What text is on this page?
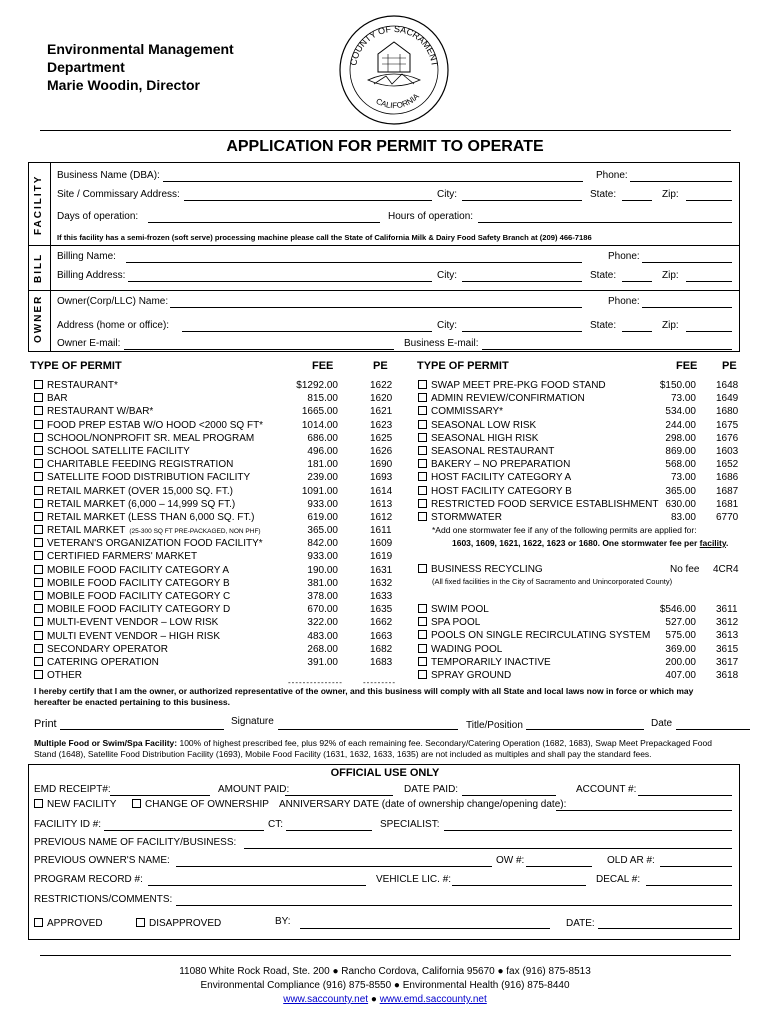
Environmental Management
Department
Marie Woodin, Director
COUNTY OF SACRAMENT
CALIFORNIA
APPLICATION FOR PERMIT TO OPERATE
FACILITY
BILL
OWNER
Business Name (DBA):	Phone:
Site / Commissary Address:	City:	State:	Zip:
Days of operation:	Hours of operation:
If this facility has a semi-frozen (soft serve) processing machine please call the State of California Milk & Dairy Food Safety Branch at (209) 466-7186
Billing Name:	Phone:
Billing Address:	City:	State:	Zip:
Owner(Corp/LLC) Name:	Phone:
Address (home or office):	City:	State:	Zip:
Owner E-mail:	Business E-mail:
TYPE OF PERMIT	FEE	PE	TYPE OF PERMIT	FEE PE
RESTAURANT*	$1292.00	1622
BAR	815.00	1620
RESTAURANT W/BAR*	1665.00	1621
FOOD PREP ESTAB W/O HOOD <2000 SQ FT*	1014.00	1623
SCHOOL/NONPROFIT SR. MEAL PROGRAM	686.00	1625
SCHOOL SATELLITE FACILITY	496.00	1626
CHARITABLE FEEDING REGISTRATION	181.00	1690
SATELLITE FOOD DISTRIBUTION FACILITY	239.00	1693
RETAIL MARKET (OVER 15,000 SQ. FT.)	1091.00	1614
RETAIL MARKET (6,000 – 14,999 SQ FT.)	933.00	1613
RETAIL MARKET (LESS THAN 6,000 SQ. FT.)	619.00	1612
RETAIL MARKET (25-300 SQ FT PRE-PACKAGED, NON PHF)	365.00	1611
VETERAN'S ORGANIZATION FOOD FACILITY*	842.00	1609
CERTIFIED FARMERS' MARKET	933.00	1619
MOBILE FOOD FACILITY CATEGORY A	190.00	1631
MOBILE FOOD FACILITY CATEGORY B	381.00	1632
MOBILE FOOD FACILITY CATEGORY C	378.00	1633
MOBILE FOOD FACILITY CATEGORY D	670.00	1635
MULTI-EVENT VENDOR – LOW RISK	322.00	1662
MULTI EVENT VENDOR – HIGH RISK	483.00	1663
SECONDARY OPERATOR	268.00	1682
CATERING OPERATION	391.00	1683
OTHER
---------------	---------
SWAP MEET PRE-PKG FOOD STAND	$150.00 1648
ADMIN REVIEW/CONFIRMATION	73.00 1649
COMMISSARY*	534.00 1680
SEASONAL LOW RISK	244.00 1675
SEASONAL HIGH RISK	298.00 1676
SEASONAL RESTAURANT	869.00 1603
BAKERY – NO PREPARATION	568.00 1652
HOST FACILITY CATEGORY A	73.00 1686
HOST FACILITY CATEGORY B	365.00 1687
RESTRICTED FOOD SERVICE ESTABLISHMENT 630.00 1681
STORMWATER	83.00 6770
*Add one stormwater fee if any of the following permits are applied for:
1603, 1609, 1621, 1622, 1623 or 1680. One stormwater fee per facility.
BUSINESS RECYCLING	No fee 4CR4
(All fixed facilities in the City of Sacramento and Unincorporated County)
SWIM POOL	$546.00 3611
SPA POOL	527.00 3612
POOLS ON SINGLE RECIRCULATING SYSTEM 575.00 3613
WADING POOL	369.00 3615
TEMPORARILY INACTIVE	200.00 3617
SPRAY GROUND	407.00 3618
I hereby certify that I am the owner, or authorized representative of the owner, and this business will comply with all State and local laws now in force or which may
hereafter be enacted pertaining to this business.
Print	Signature	Title/Position	Date
Multiple Food or Swim/Spa Facility: 100% of highest prescribed fee, plus 92% of each remaining fee. Secondary/Catering Operation (1682, 1683), Swap Meet Prepackaged Food
Stand (1648), Satellite Food Distribution Facility (1693), Mobile Food Facility (1631, 1632, 1633, 1635) are not included as multiples and shall pay the standard fees.
OFFICIAL USE ONLY
EMD RECEIPT#:	AMOUNT PAID:	DATE PAID:	ACCOUNT #:
NEW FACILITY	CHANGE OF OWNERSHIP ANNIVERSARY DATE (date of ownership change/opening date):
FACILITY ID #:	CT:	SPECIALIST:
PREVIOUS NAME OF FACILITY/BUSINESS:
PREVIOUS OWNER'S NAME:	OW #:	OLD AR #:
PROGRAM RECORD #:	VEHICLE LIC. #:	DECAL #:
RESTRICTIONS/COMMENTS:
APPROVED	DISAPPROVED	BY:	DATE:
11080 White Rock Road, Ste. 200 ● Rancho Cordova, California 95670 ● fax (916) 875-8513
Environmental Compliance (916) 875-8550 ● Environmental Health (916) 875-8440
www.saccounty.net ● www.emd.saccounty.net
